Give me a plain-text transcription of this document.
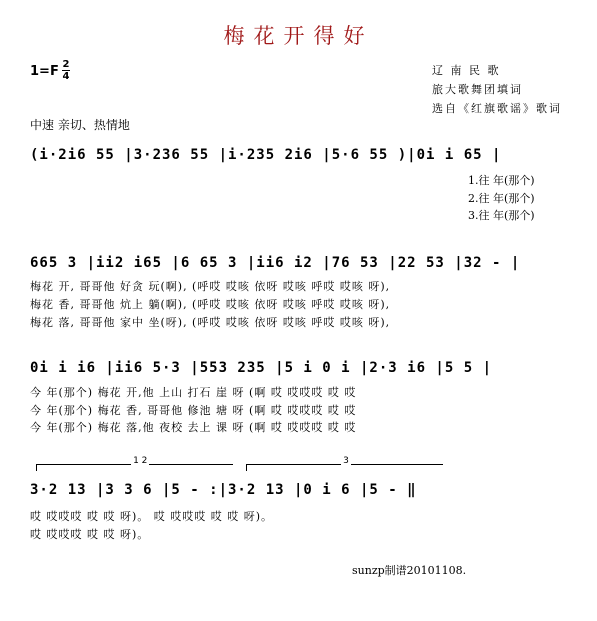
梅花开得好
1=F 2
4	辽 南 民 歌
旅大歌舞团填词
选自《红旗歌谣》歌词
中速 亲切、热情地
(i·2i6 55 |3·236 55 |i·235 2i6 |5·6 55 )|0i i 65 |
1.往 年(那个)
2.往 年(那个)
3.往 年(那个)
665 3 |ii2 i65 |6 65 3 |ii6 i2 |76 53 |22 53 |32 - |
梅花 开, 哥哥他 好贪 玩(啊), (呼哎 哎咳 依呀 哎咳 呼哎 哎咳 呀),
梅花 香, 哥哥他 炕上 躺(啊), (呼哎 哎咳 依呀 哎咳 呼哎 哎咳 呀),
梅花 落, 哥哥他 家中 坐(呀), (呼哎 哎咳 依呀 哎咳 呼哎 哎咳 呀),
0i i i6 |ii6 5·3 |553 235 |5 i 0 i |2·3 i6 |5 5 |
今 年(那个) 梅花 开,他 上山 打石 崖 呀 (啊 哎 哎哎哎 哎 哎
今 年(那个) 梅花 香, 哥哥他 修池 塘 呀 (啊 哎 哎哎哎 哎 哎
今 年(那个) 梅花 落,他 夜校 去上 课 呀 (啊 哎 哎哎哎 哎 哎
1 2	3
3·2 13 |3 3 6 |5 - :|3·2 13 |0 i 6 |5 - ‖
哎 哎哎哎 哎 哎 呀)。 哎 哎哎哎 哎 哎 呀)。
哎 哎哎哎 哎 哎 呀)。
sunzp制谱20101108.
